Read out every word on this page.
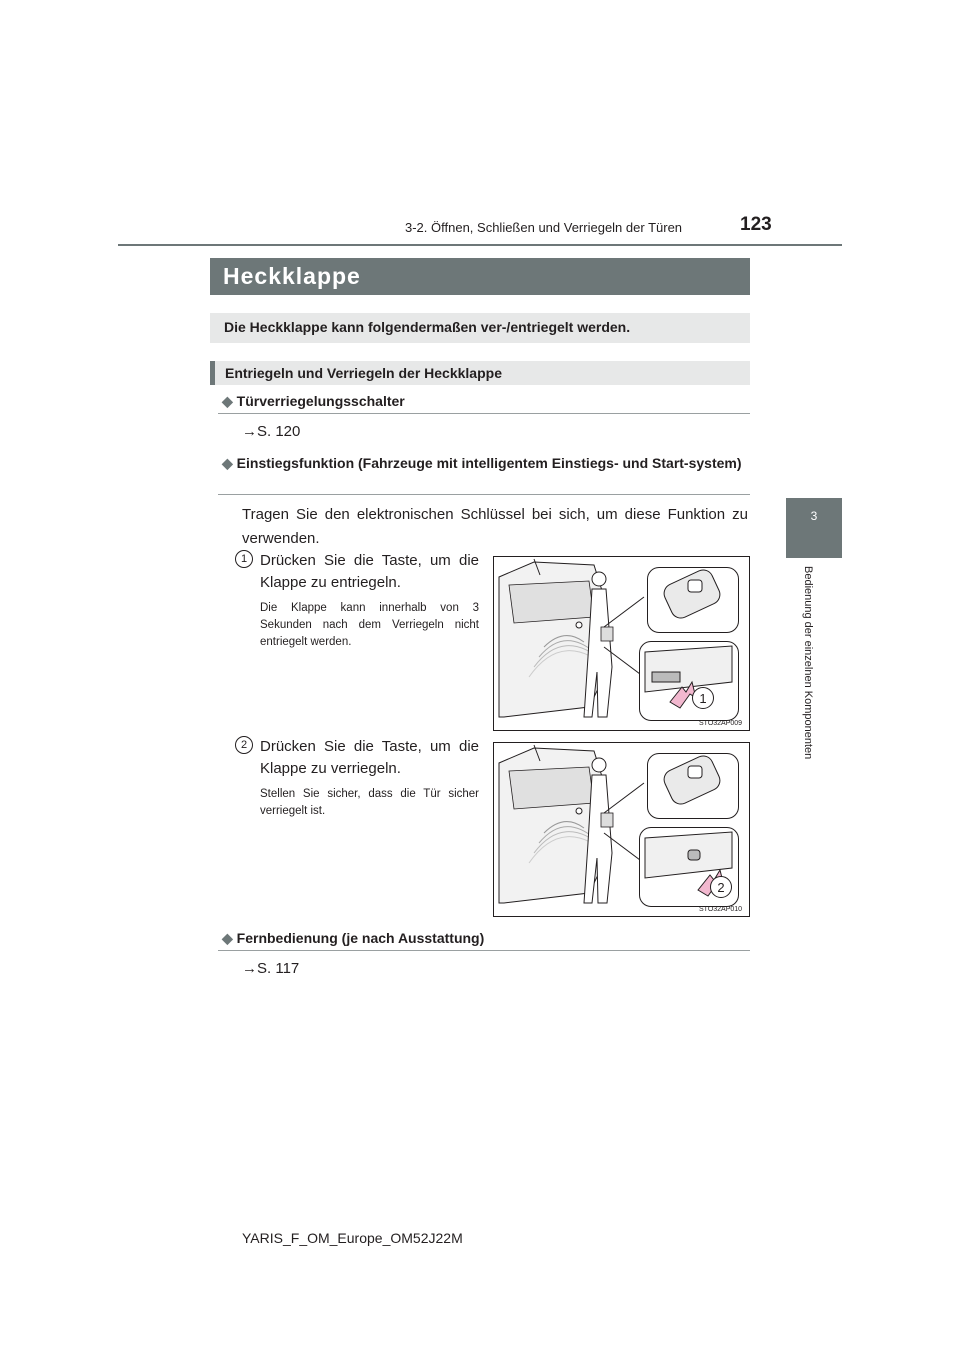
3-2. Öffnen, Schließen und Verriegeln der Türen	123
3
Bedienung der einzelnen Komponenten
Heckklappe
Die Heckklappe kann folgendermaßen ver-/entriegelt werden.
Entriegeln und Verriegeln der Heckklappe
◆ Türverriegelungsschalter
→S. 120
◆ Einstiegsfunktion (Fahrzeuge mit intelligentem Einstiegs- und Start-system)
Tragen Sie den elektronischen Schlüssel bei sich, um diese Funktion zu verwenden.
1 Drücken Sie die Taste, um die Klappe zu entriegeln.
Die Klappe kann innerhalb von 3 Sekunden nach dem Verriegeln nicht entriegelt werden.
1
STO32AP009
2 Drücken Sie die Taste, um die Klappe zu verriegeln.
Stellen Sie sicher, dass die Tür sicher verriegelt ist.
2
STO32AP010
◆ Fernbedienung (je nach Ausstattung)
→S. 117
YARIS_F_OM_Europe_OM52J22M
